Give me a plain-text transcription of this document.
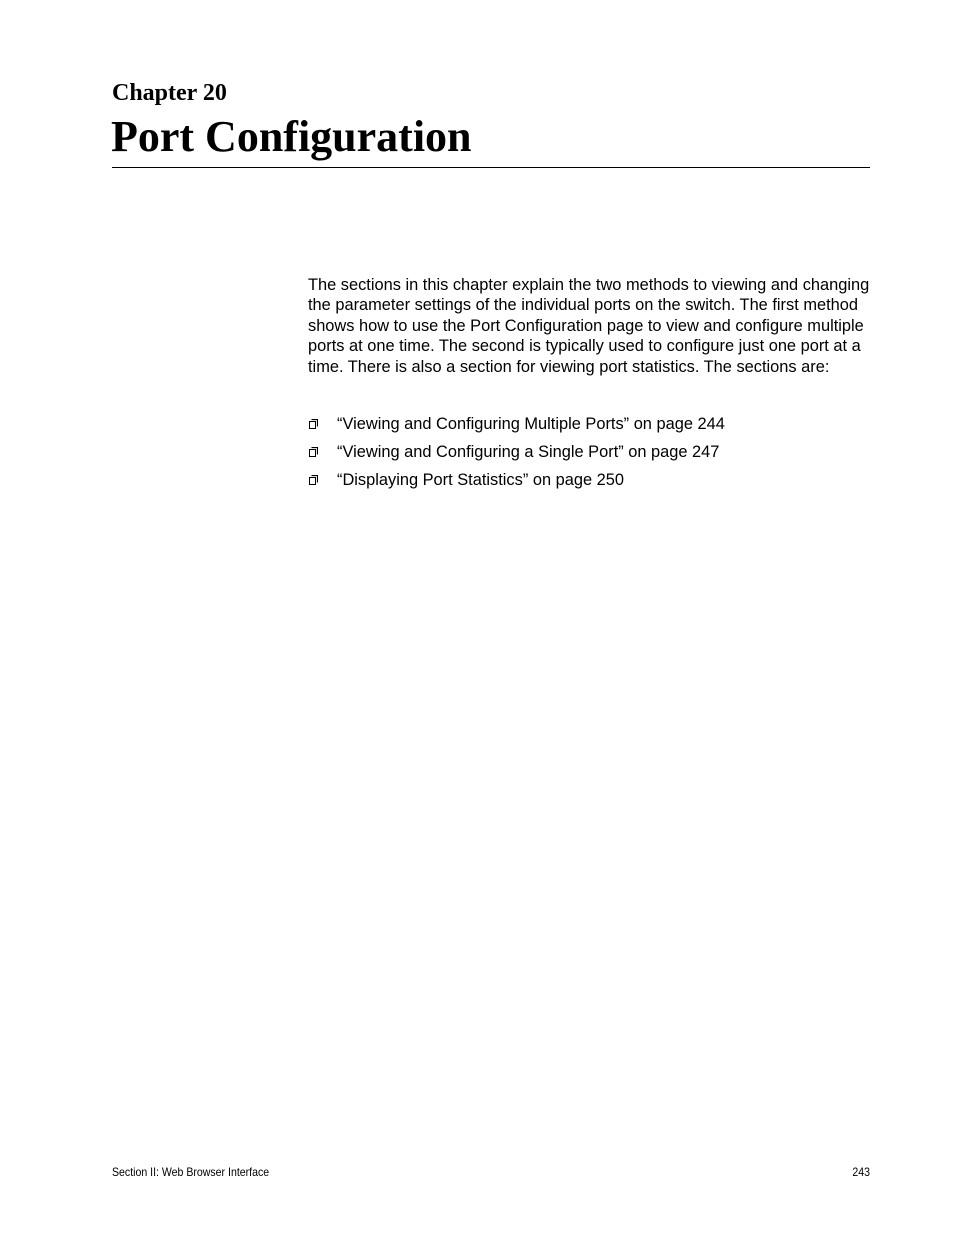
Chapter 20
Port Configuration

The sections in this chapter explain the two methods to viewing and changing the parameter settings of the individual ports on the switch. The first method shows how to use the Port Configuration page to view and configure multiple ports at one time. The second is typically used to configure just one port at a time. There is also a section for viewing port statistics. The sections are:

“Viewing and Configuring Multiple Ports” on page 244
“Viewing and Configuring a Single Port” on page 247
“Displaying Port Statistics” on page 250
Section II: Web Browser Interface	243
